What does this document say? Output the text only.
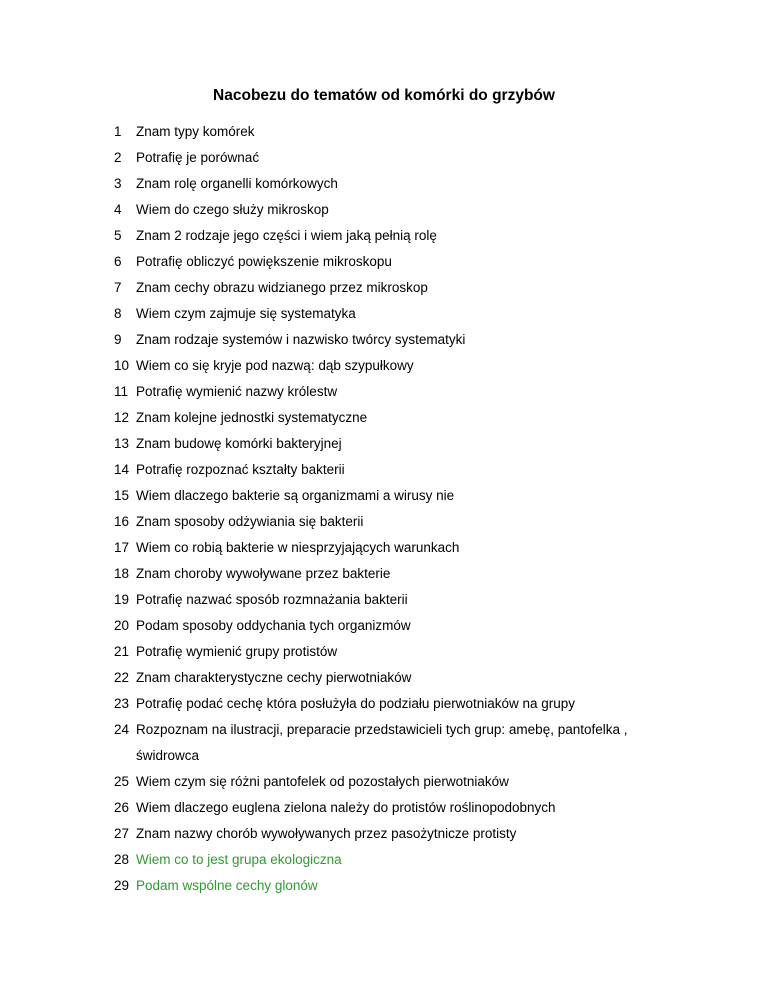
Nacobezu do tematów od komórki do grzybów
1	Znam typy komórek
2	Potrafię je porównać
3	Znam rolę organelli komórkowych
4	Wiem do czego służy mikroskop
5	Znam 2 rodzaje jego części i wiem jaką pełnią rolę
6	Potrafię obliczyć powiększenie mikroskopu
7	Znam cechy obrazu widzianego przez mikroskop
8	Wiem czym zajmuje się systematyka
9	Znam rodzaje systemów i nazwisko twórcy systematyki
10 Wiem co się kryje pod nazwą: dąb szypułkowy
11 Potrafię wymienić nazwy królestw
12 Znam kolejne jednostki systematyczne
13 Znam budowę komórki bakteryjnej
14 Potrafię rozpoznać kształty bakterii
15 Wiem dlaczego bakterie są organizmami a wirusy nie
16 Znam sposoby odżywiania się bakterii
17 Wiem co robią bakterie w niesprzyjających warunkach
18 Znam choroby wywoływane przez bakterie
19 Potrafię nazwać sposób rozmnażania bakterii
20 Podam sposoby oddychania tych organizmów
21 Potrafię wymienić grupy protistów
22 Znam charakterystyczne cechy pierwotniaków
23 Potrafię podać cechę która posłużyła do podziału pierwotniaków na grupy
24 Rozpoznam na ilustracji, preparacie przedstawicieli tych grup: amebę, pantofelka , świdrowca
25 Wiem czym się różni pantofelek od pozostałych pierwotniaków
26 Wiem dlaczego euglena zielona należy do protistów roślinopodobnych
27 Znam nazwy chorób wywoływanych przez pasożytnicze protisty
28 Wiem co to jest grupa ekologiczna
29 Podam wspólne cechy glonów
